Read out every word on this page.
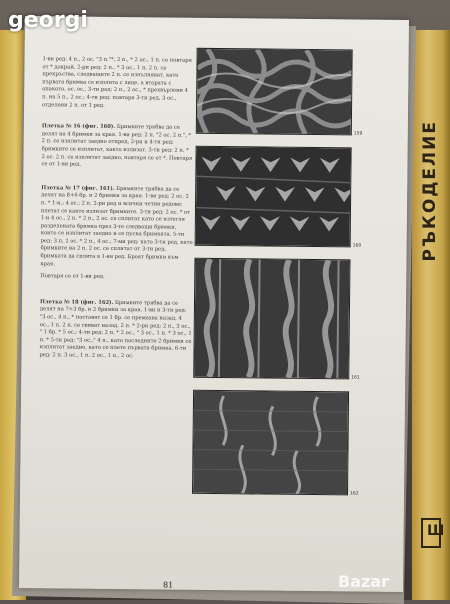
РЪКОДЕЛИЕ
Ш

1-ви ред: 4 п., 2 ос. "3 п."*, 2 п., * 2 ос., 1 п. се повтаря от * докрай, 2-ри ред: 2 п., * 3 ос., 1 п. 2 п. се прекръства, следващите 2 п. се изпълняват, като първата бримка се изплита с лице, а втората с опакото, ос. ос., 3-ти ред: 2 п., 2 ос., * прехвърлени 4 п. на 5 п., 2 ос.; 4-ти ред: повтаря 3-ти ред, 3 ос., отделени 2 п. от 1 ред.

Плетка № 16 (фиг. 160). Бримките трябва да се делят на 4 бримки за края. 1-ви ред: 2 п. "2 ос. 2 п.", * 2 п. се изплитат заедно отпред, 2-ри и 4-ти ред: бримките се изплитат, както излизат. 3-ти ред: 2 п. * 2 ос. 2 п. се изплитат заедно, повтаря се от *. Повтаря се от 1-ви ред.

Плетка № 17 (фиг. 161). Бримките трябва да се делят на 8+6 бр. и 2 бримки за края. 1-ви ред: 2 ос. 2 п. * 1-и.; 4 ос.; 2 п. 2-ри ред и всички четни редове: плетат се както излизат бримките. 3-ти ред: 2 ос. * от 1-и 4 ос., 2 п. * 2 п., 2 ос. се сплитат като се изтегля разделената бримка през 3-те следващи бримки, които се изплитат заедно и се пуска бримката, 5-ти ред: 3 п. 2 ос. * 2 п., 4 ос.; 7-ми ред: като 3-ти ред, като бримките на 2 п. 2 ос. се сплитат от 3-ти ред, бримката да сплита в 1-ви ред. Броят бримки към края.

Повтаря се от 1-ви ред.

Плетка № 18 (фиг. 162). Бримките трябва да се делят на 7+3 бр. и 2 бримки за края. 1-ви и 3-ти ред: "3 ос., 4 п., * поставят се 1 бр. се премахва назад, 4 ос., 1 п. 2 п. се свиват назад, 2 п. * 2-ри ред: 2 п., 3 ос., " 1 бр. * 5 ос.; 4-ти ред: 2 п. * 2 ос., " 3 ос., 1 п. * 3 ос., 1 п. * 5-ти ред: "3 ос.," 4 п., като последните 2 бримки се изплитат заедно, като се плете първата бримка. 6-ти ред: 2 п. 3 ос., 1 п. 2 ос., 1 п., 2 ос.

159
160
161
162
81
georgi
Bazar
